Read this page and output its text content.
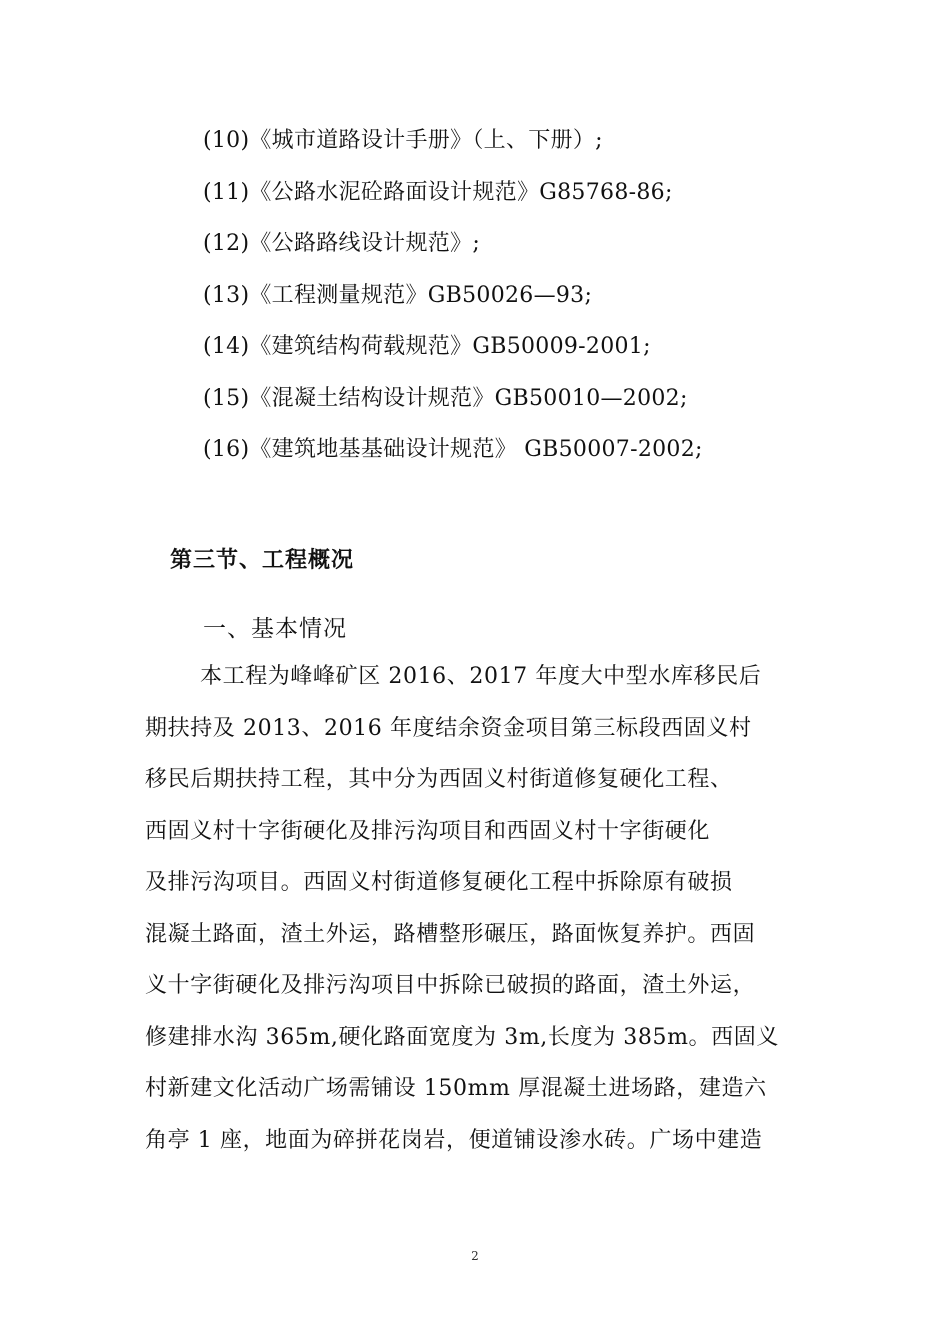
(10)《城市道路设计手册》（上、下册）;
(11)《公路水泥砼路面设计规范》G85768-86;
(12)《公路路线设计规范》;
(13)《工程测量规范》GB50026—93;
(14)《建筑结构荷载规范》GB50009-2001;
(15)《混凝土结构设计规范》GB50010—2002;
(16)《建筑地基基础设计规范》 GB50007-2002;
第三节、工程概况
一、基本情况
本工程为峰峰矿区 2016、2017 年度大中型水库移民后
期扶持及 2013、2016 年度结余资金项目第三标段西固义村
移民后期扶持工程，其中分为西固义村街道修复硬化工程、
西固义村十字街硬化及排污沟项目和西固义村十字街硬化
及排污沟项目。西固义村街道修复硬化工程中拆除原有破损
混凝土路面，渣土外运，路槽整形碾压，路面恢复养护。西固
义十字街硬化及排污沟项目中拆除已破损的路面，渣土外运，
修建排水沟 365m,硬化路面宽度为 3m,长度为 385m。西固义
村新建文化活动广场需铺设 150mm 厚混凝土进场路，建造六
角亭 1 座，地面为碎拼花岗岩，便道铺设渗水砖。广场中建造
2
